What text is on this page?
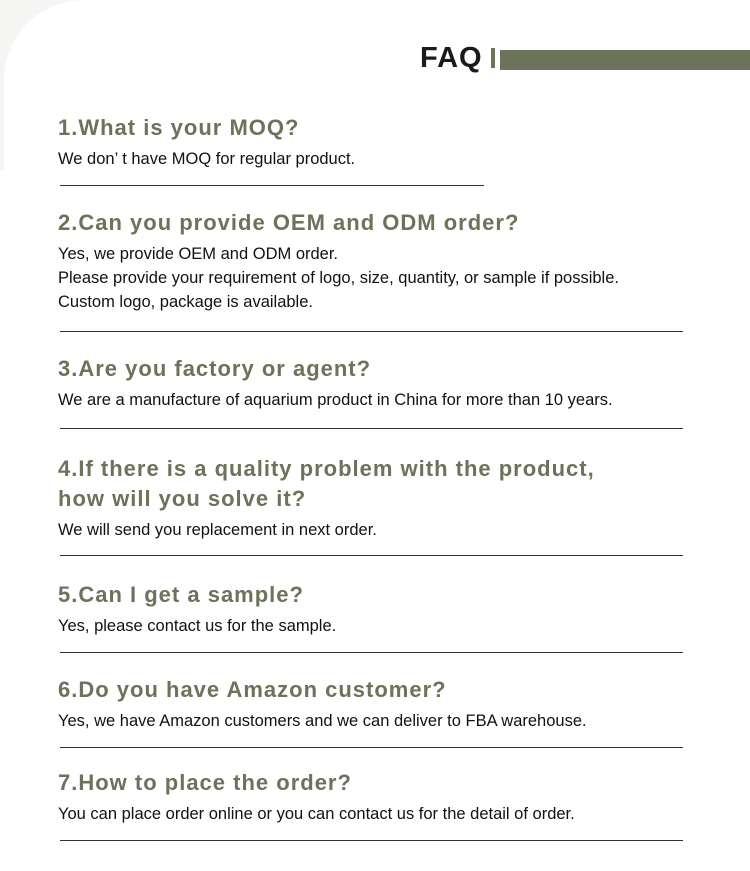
FAQ
1.What is your MOQ?
We don’ t have MOQ for regular product.
2.Can you provide OEM and ODM order?
Yes, we provide OEM and ODM order.
Please provide your requirement of logo, size, quantity, or sample if possible.
Custom logo, package is available.
3.Are you factory or agent?
We are a manufacture of aquarium product in China for more than 10 years.
4.If there is a quality problem with the product,
how will you solve it?
We will send you replacement in next order.
5.Can I get a sample?
Yes, please contact us for the sample.
6.Do you have Amazon customer?
Yes, we have Amazon customers and we can deliver to FBA warehouse.
7.How to place the order?
You can place order online or you can contact us for the detail of order.
